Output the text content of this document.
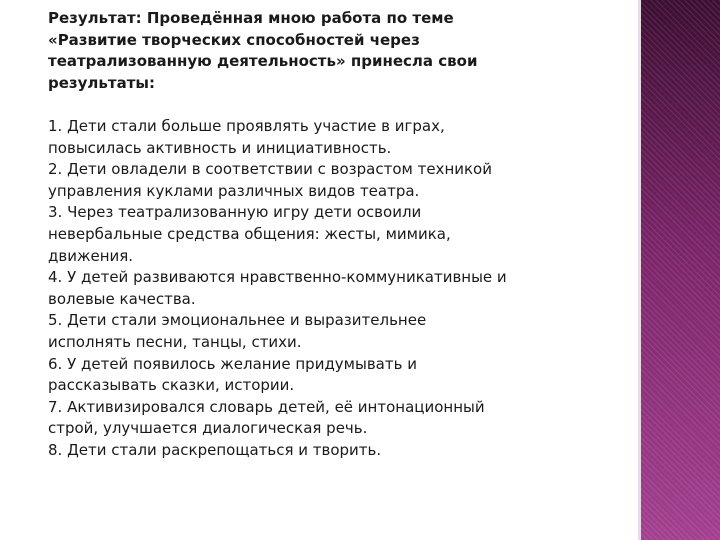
Результат: Проведённая мною работа по теме
«Развитие творческих способностей через
театрализованную деятельность» принесла свои
результаты:

1. Дети стали больше проявлять участие в играх,
повысилась активность и инициативность.
2. Дети овладели в соответствии с возрастом техникой
управления куклами различных видов театра.
3. Через театрализованную игру дети освоили
невербальные средства общения: жесты, мимика,
движения.
4. У детей развиваются нравственно-коммуникативные и
волевые качества.
5. Дети стали эмоциональнее и выразительнее
исполнять песни, танцы, стихи.
6. У детей появилось желание придумывать и
рассказывать сказки, истории.
7. Активизировался словарь детей, её интонационный
строй, улучшается диалогическая речь.
8. Дети стали раскрепощаться и творить.
